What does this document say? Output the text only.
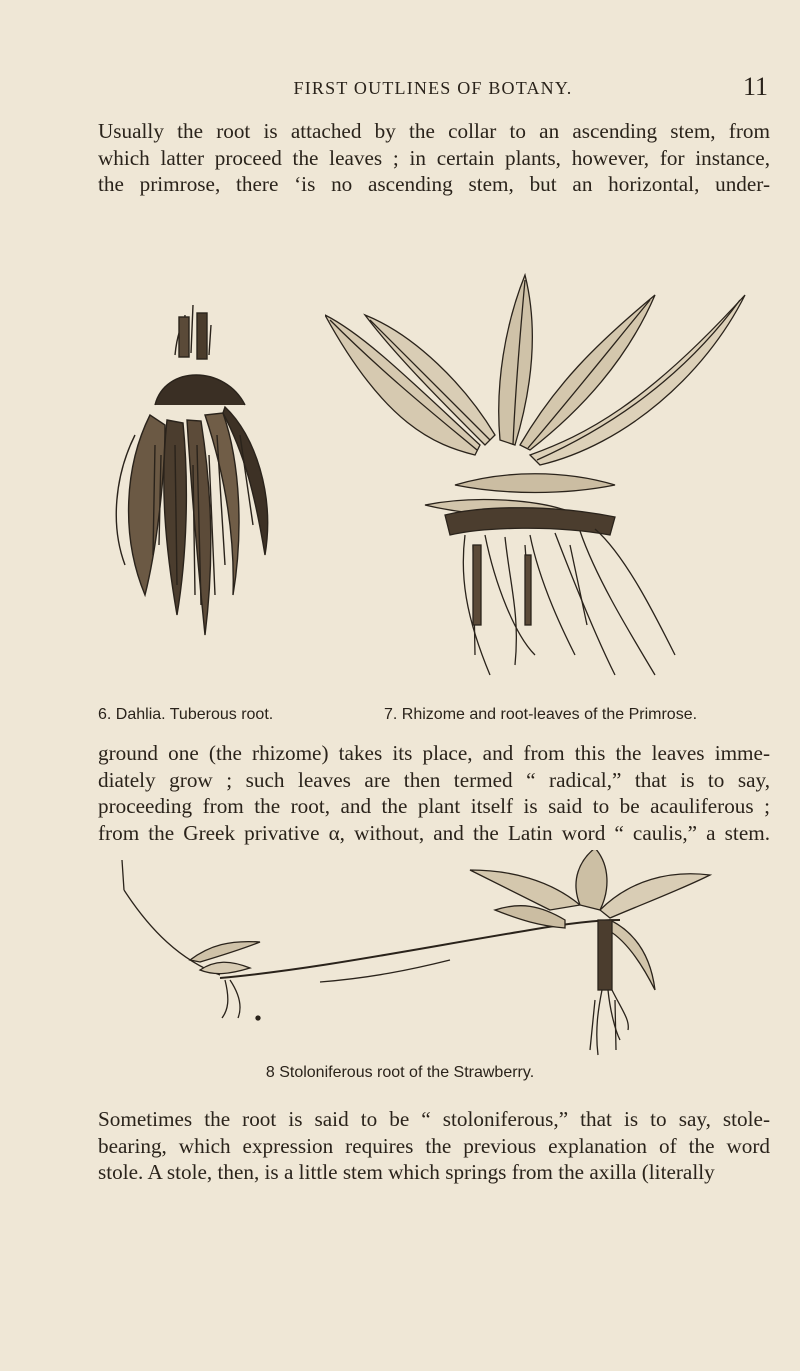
FIRST OUTLINES OF BOTANY.	11

Usually the root is attached by the collar to an ascending stem, from
which latter proceed the leaves ; in certain plants, however, for instance,
the primrose, there ‘is no ascending stem, but an horizontal, under-

6. Dahlia. Tuberous root.	7. Rhizome and root-leaves of the Primrose.

ground one (the rhizome) takes its place, and from this the leaves imme-
diately grow ; such leaves are then termed “ radical,” that is to say,
proceeding from the root, and the plant itself is said to be acauliferous ;
from the Greek privative α, without, and the Latin word “ caulis,” a stem.

8 Stoloniferous root of the Strawberry.

Sometimes the root is said to be “ stoloniferous,” that is to say, stole-
bearing, which expression requires the previous explanation of the word
stole. A stole, then, is a little stem which springs from the axilla (literally
